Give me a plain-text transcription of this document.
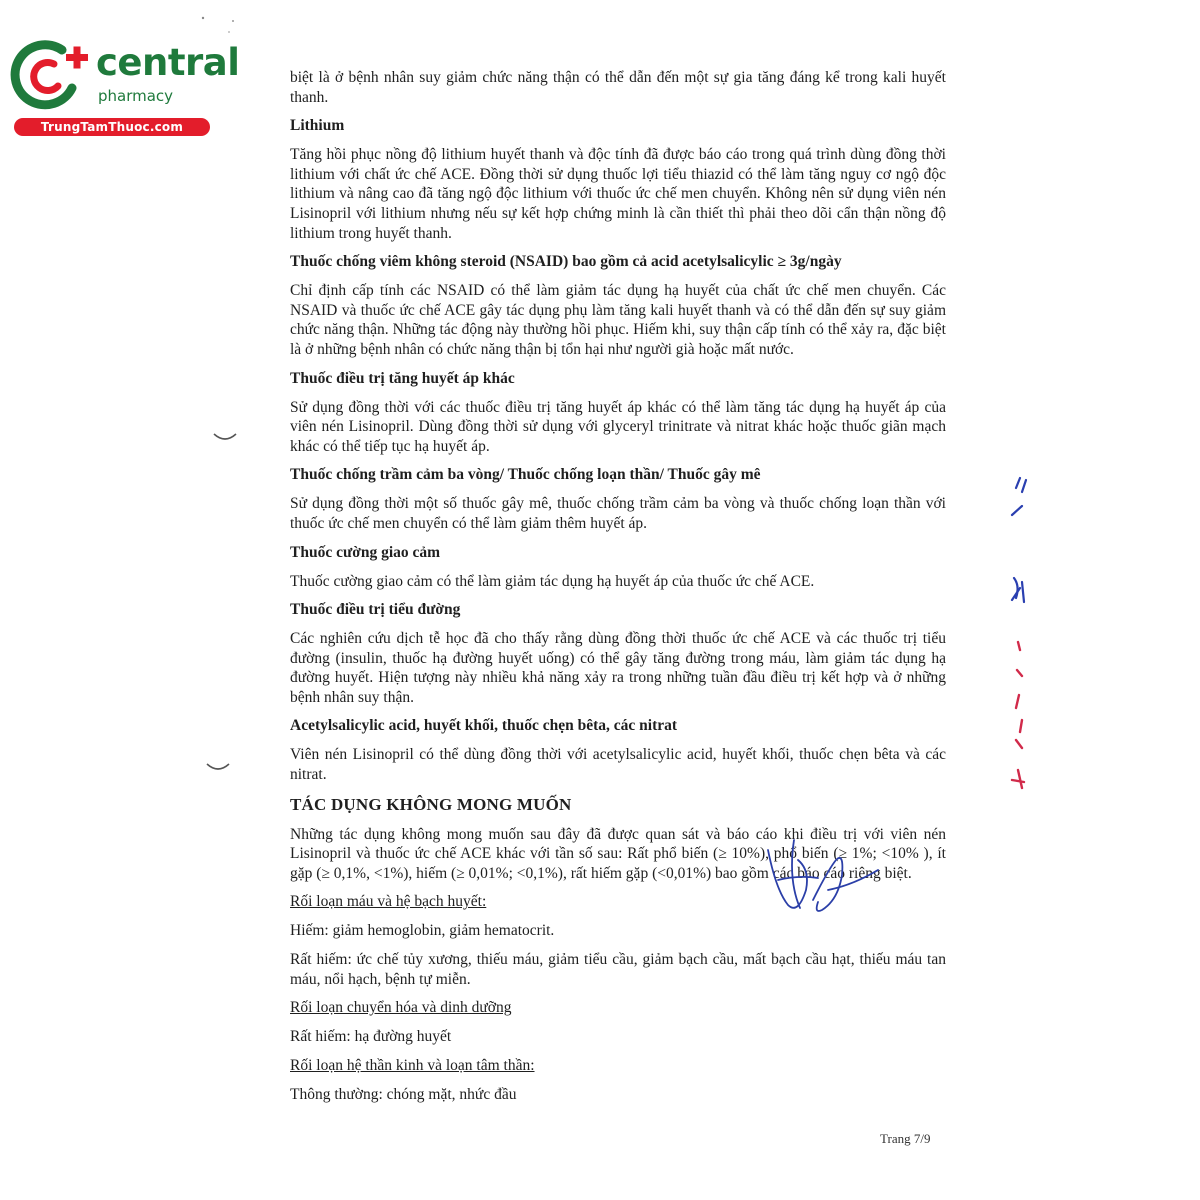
central
pharmacy
TrungTamThuoc.com

biệt là ở bệnh nhân suy giảm chức năng thận có thể dẫn đến một sự gia tăng đáng kể trong kali huyết thanh.

Lithium

Tăng hồi phục nồng độ lithium huyết thanh và độc tính đã được báo cáo trong quá trình dùng đồng thời lithium với chất ức chế ACE. Đồng thời sử dụng thuốc lợi tiểu thiazid có thể làm tăng nguy cơ ngộ độc lithium và nâng cao đã tăng ngộ độc lithium với thuốc ức chế men chuyển. Không nên sử dụng viên nén Lisinopril với lithium nhưng nếu sự kết hợp chứng minh là cần thiết thì phải theo dõi cẩn thận nồng độ lithium trong huyết thanh.

Thuốc chống viêm không steroid (NSAID) bao gồm cả acid acetylsalicylic ≥ 3g/ngày

Chỉ định cấp tính các NSAID có thể làm giảm tác dụng hạ huyết của chất ức chế men chuyển. Các NSAID và thuốc ức chế ACE gây tác dụng phụ làm tăng kali huyết thanh và có thể dẫn đến sự suy giảm chức năng thận. Những tác động này thường hồi phục. Hiếm khi, suy thận cấp tính có thể xảy ra, đặc biệt là ở những bệnh nhân có chức năng thận bị tổn hại như người già hoặc mất nước.

Thuốc điều trị tăng huyết áp khác

Sử dụng đồng thời với các thuốc điều trị tăng huyết áp khác có thể làm tăng tác dụng hạ huyết áp của viên nén Lisinopril. Dùng đồng thời sử dụng với glyceryl trinitrate và nitrat khác hoặc thuốc giãn mạch khác có thể tiếp tục hạ huyết áp.

Thuốc chống trầm cảm ba vòng/ Thuốc chống loạn thần/ Thuốc gây mê

Sử dụng đồng thời một số thuốc gây mê, thuốc chống trầm cảm ba vòng và thuốc chống loạn thần với thuốc ức chế men chuyển có thể làm giảm thêm huyết áp.

Thuốc cường giao cảm

Thuốc cường giao cảm có thể làm giảm tác dụng hạ huyết áp của thuốc ức chế ACE.

Thuốc điều trị tiểu đường

Các nghiên cứu dịch tễ học đã cho thấy rằng dùng đồng thời thuốc ức chế ACE và các thuốc trị tiểu đường (insulin, thuốc hạ đường huyết uống) có thể gây tăng đường trong máu, làm giảm tác dụng hạ đường huyết. Hiện tượng này nhiều khả năng xảy ra trong những tuần đầu điều trị kết hợp và ở những bệnh nhân suy thận.

Acetylsalicylic acid, huyết khối, thuốc chẹn bêta, các nitrat

Viên nén Lisinopril có thể dùng đồng thời với acetylsalicylic acid, huyết khối, thuốc chẹn bêta và các nitrat.

TÁC DỤNG KHÔNG MONG MUỐN

Những tác dụng không mong muốn sau đây đã được quan sát và báo cáo khi điều trị với viên nén Lisinopril và thuốc ức chế ACE khác với tần số sau: Rất phổ biến (≥ 10%), phổ biến (≥ 1%; <10% ), ít gặp (≥ 0,1%, <1%), hiếm (≥ 0,01%; <0,1%), rất hiếm gặp (<0,01%) bao gồm các báo cáo riêng biệt.

Rối loạn máu và hệ bạch huyết:

Hiếm: giảm hemoglobin, giảm hematocrit.

Rất hiếm: ức chế tủy xương, thiếu máu, giảm tiểu cầu, giảm bạch cầu, mất bạch cầu hạt, thiếu máu tan máu, nổi hạch, bệnh tự miễn.

Rối loạn chuyển hóa và dinh dưỡng

Rất hiếm: hạ đường huyết

Rối loạn hệ thần kinh và loạn tâm thần:

Thông thường: chóng mặt, nhức đầu

Trang 7/9
